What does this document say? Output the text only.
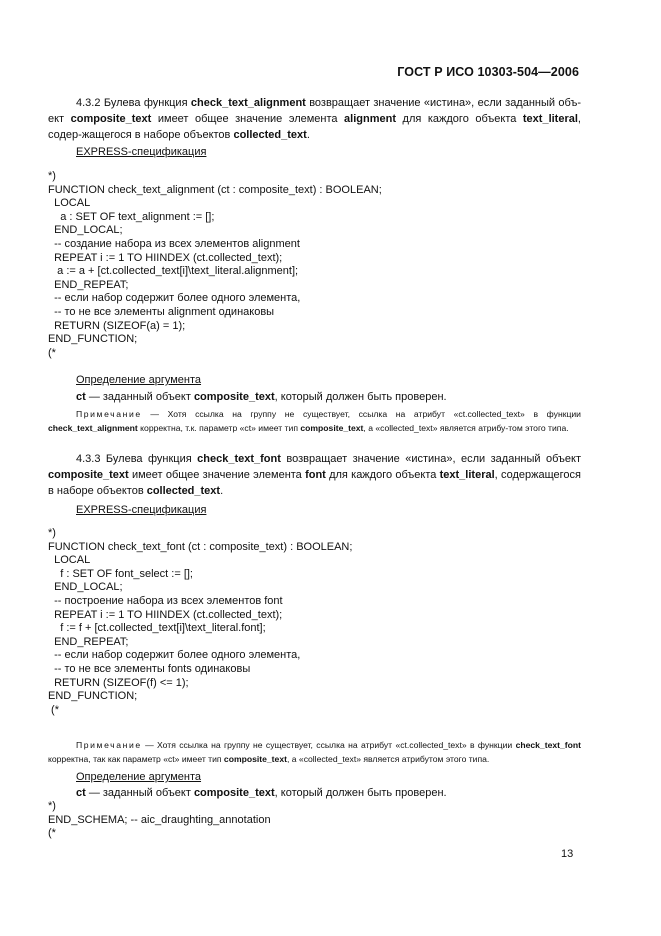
ГОСТ Р ИСО 10303-504—2006

4.3.2 Булева функция check_text_alignment возвращает значение «истина», если заданный объ-ект composite_text имеет общее значение элемента alignment для каждого объекта text_literal, содер-жащегося в наборе объектов collected_text.

EXPRESS-спецификация
*)
FUNCTION check_text_alignment (ct : composite_text) : BOOLEAN;
LOCAL
a : SET OF text_alignment := [];
END_LOCAL;
-- создание набора из всех элементов alignment
REPEAT i := 1 TO HIINDEX (ct.collected_text);
a := a + [ct.collected_text[i]\text_literal.alignment];
END_REPEAT;
-- если набор содержит более одного элемента,
-- то не все элементы alignment одинаковы
RETURN (SIZEOF(a) = 1);
END_FUNCTION;
(*
Определение аргумента
ct — заданный объект composite_text, который должен быть проверен.

Примечание — Хотя ссылка на группу не существует, ссылка на атрибут «ct.collected_text» в функции check_text_alignment корректна, т.к. параметр «ct» имеет тип composite_text, а «collected_text» является атрибу-том этого типа.

4.3.3 Булева функция check_text_font возвращает значение «истина», если заданный объект composite_text имеет общее значение элемента font для каждого объекта text_literal, содержащегося в наборе объектов collected_text.

EXPRESS-спецификация
*)
FUNCTION check_text_font (ct : composite_text) : BOOLEAN;
LOCAL
f : SET OF font_select := [];
END_LOCAL;
-- построение набора из всех элементов font
REPEAT i := 1 TO HIINDEX (ct.collected_text);
f := f + [ct.collected_text[i]\text_literal.font];
END_REPEAT;
-- если набор содержит более одного элемента,
-- то не все элементы fonts одинаковы
RETURN (SIZEOF(f) <= 1);
END_FUNCTION;
(*

Примечание — Хотя ссылка на группу не существует, ссылка на атрибут «ct.collected_text» в функции check_text_font корректна, так как параметр «ct» имеет тип composite_text, а «collected_text» является атрибутом этого типа.

Определение аргумента
ct — заданный объект composite_text, который должен быть проверен.
*)
END_SCHEMA; -- aic_draughting_annotation
(*
13
